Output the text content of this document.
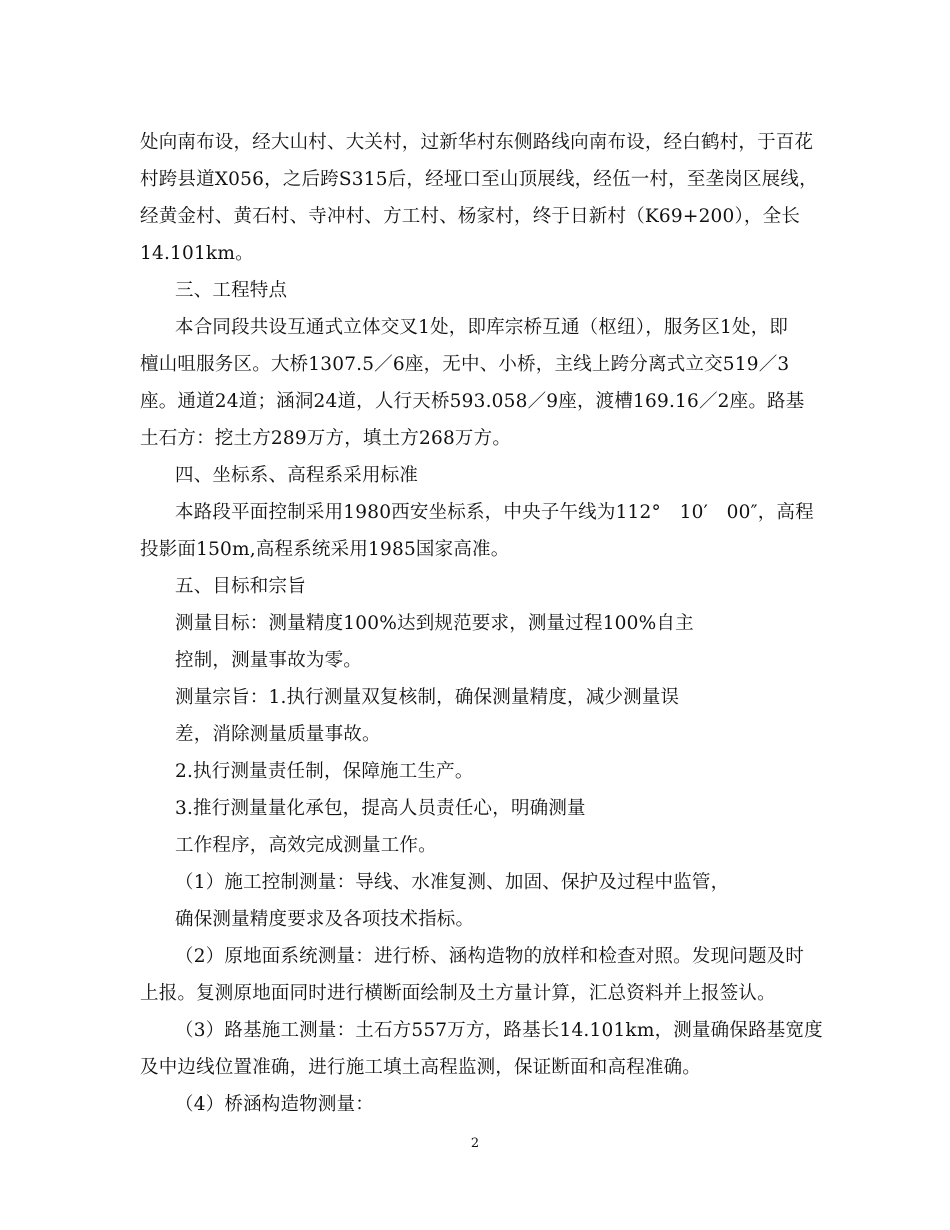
处向南布设，经大山村、大关村，过新华村东侧路线向南布设，经白鹤村，于百花
村跨县道X056，之后跨S315后，经垭口至山顶展线，经伍一村，至垄岗区展线，
经黄金村、黄石村、寺冲村、方工村、杨家村，终于日新村（K69+200），全长
14.101km。
三、工程特点
本合同段共设互通式立体交叉1处，即库宗桥互通（枢纽），服务区1处，即
檀山咀服务区。大桥1307.5／6座，无中、小桥，主线上跨分离式立交519／3
座。通道24道；涵洞24道，人行天桥593.058／9座，渡槽169.16／2座。路基
土石方：挖土方289万方，填土方268万方。
四、坐标系、高程系采用标准
本路段平面控制采用1980西安坐标系，中央子午线为112°　10′　00″，高程
投影面150m,高程系统采用1985国家高准。
五、目标和宗旨
测量目标：测量精度100%达到规范要求，测量过程100%自主
控制，测量事故为零。
测量宗旨：1.执行测量双复核制，确保测量精度，减少测量误
差，消除测量质量事故。
2.执行测量责任制，保障施工生产。
3.推行测量量化承包，提高人员责任心，明确测量
工作程序，高效完成测量工作。
（1）施工控制测量：导线、水准复测、加固、保护及过程中监管，
确保测量精度要求及各项技术指标。
（2）原地面系统测量：进行桥、涵构造物的放样和检查对照。发现问题及时
上报。复测原地面同时进行横断面绘制及土方量计算，汇总资料并上报签认。
（3）路基施工测量：土石方557万方，路基长14.101km，测量确保路基宽度
及中边线位置准确，进行施工填土高程监测，保证断面和高程准确。
（4）桥涵构造物测量：
2
